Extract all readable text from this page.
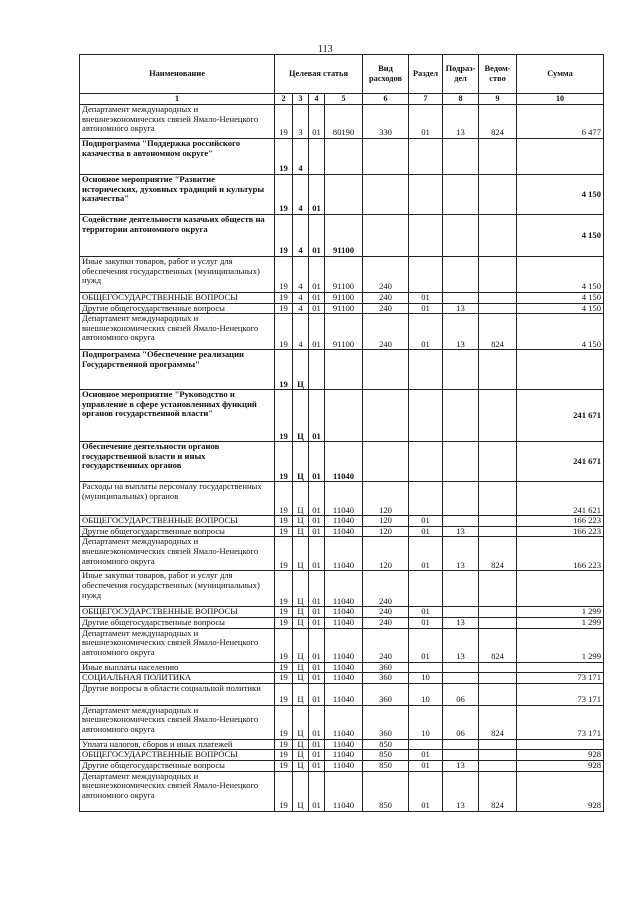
113
Наименование	Целевая статья				Вид расходов	Раздел	Подраз-дел	Ведом-ство	Сумма
1	2	3	4	5	6	7	8	9	10
Департамент международных и внешнеэкономических связей Ямало-Ненецкого автономного округа	19	3	01	80190	330	01	13	824	6 477
Подпрограмма "Поддержка российского казачества в автономном округе"	19	4							
Основное мероприятие "Развитие исторических, духовных традиций и культуры казачества"	19	4	01						4 150
Содействие деятельности казачьих обществ на территории автономного округа	19	4	01	91100					4 150
Иные закупки товаров, работ и услуг для обеспечения государственных (муниципальных) нужд	19	4	01	91100	240				4 150
ОБЩЕГОСУДАРСТВЕННЫЕ ВОПРОСЫ	19	4	01	91100	240	01			4 150
Другие общегосударственные вопросы	19	4	01	91100	240	01	13		4 150
Департамент международных и внешнеэкономических связей Ямало-Ненецкого автономного округа	19	4	01	91100	240	01	13	824	4 150
Подпрограмма "Обеспечение реализации Государственной программы"	19	Ц							
Основное мероприятие "Руководство и управление в сфере установленных функций органов государственной власти"	19	Ц	01						241 671
Обеспечение деятельности органов государственной власти и иных государственных органов	19	Ц	01	11040					241 671
Расходы на выплаты персоналу государственных (муниципальных) органов	19	Ц	01	11040	120				241 621
ОБЩЕГОСУДАРСТВЕННЫЕ ВОПРОСЫ	19	Ц	01	11040	120	01			166 223
Другие общегосударственные вопросы	19	Ц	01	11040	120	01	13		166 223
Департамент международных и внешнеэкономических связей Ямало-Ненецкого автономного округа	19	Ц	01	11040	120	01	13	824	166 223
Иные закупки товаров, работ и услуг для обеспечения государственных (муниципальных) нужд	19	Ц	01	11040	240				
ОБЩЕГОСУДАРСТВЕННЫЕ ВОПРОСЫ	19	Ц	01	11040	240	01			1 299
Другие общегосударственные вопросы	19	Ц	01	11040	240	01	13		1 299
Департамент международных и внешнеэкономических связей Ямало-Ненецкого автономного округа	19	Ц	01	11040	240	01	13	824	1 299
Иные выплаты населению	19	Ц	01	11040	360				
СОЦИАЛЬНАЯ ПОЛИТИКА	19	Ц	01	11040	360	10			73 171
Другие вопросы в области социальной политики	19	Ц	01	11040	360	10	06		73 171
Департамент международных и внешнеэкономических связей Ямало-Ненецкого автономного округа	19	Ц	01	11040	360	10	06	824	73 171
Уплата налогов, сборов и иных платежей	19	Ц	01	11040	850				
ОБЩЕГОСУДАРСТВЕННЫЕ ВОПРОСЫ	19	Ц	01	11040	850	01			928
Другие общегосударственные вопросы	19	Ц	01	11040	850	01	13		928
Департамент международных и внешнеэкономических связей Ямало-Ненецкого автономного округа	19	Ц	01	11040	850	01	13	824	928
